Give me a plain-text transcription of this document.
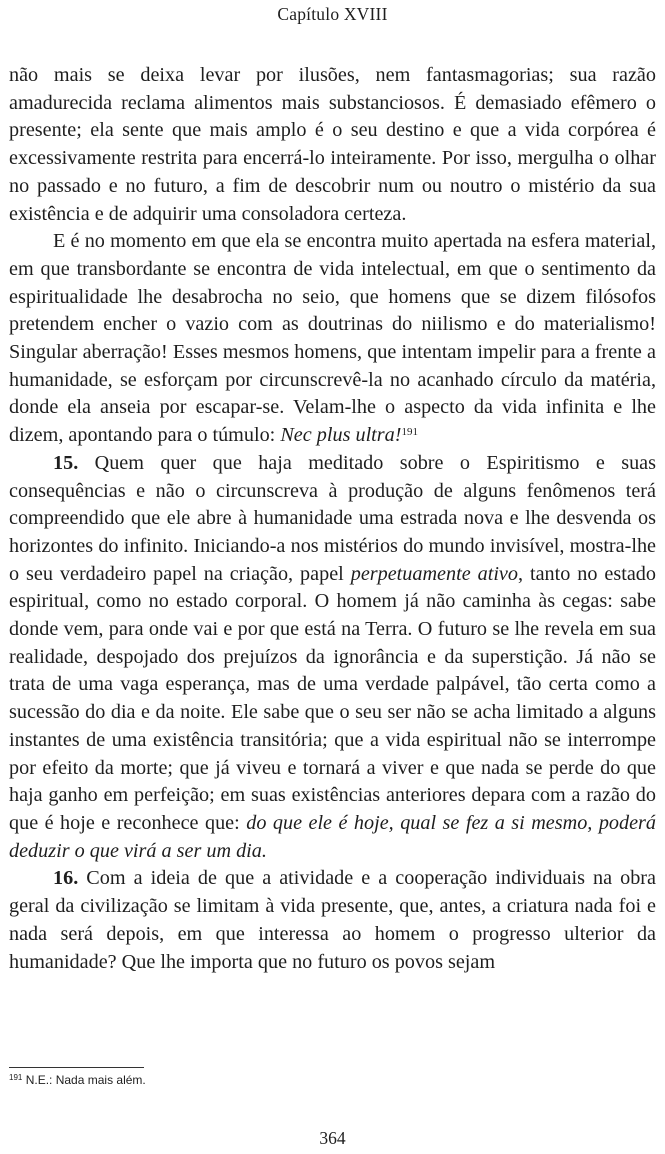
Capítulo XVIII

não mais se deixa levar por ilusões, nem fantasmagorias; sua razão amadurecida reclama alimentos mais substanciosos. É demasiado efêmero o presente; ela sente que mais amplo é o seu destino e que a vida corpórea é excessivamente restrita para encerrá-lo inteiramente. Por isso, mergulha o olhar no passado e no futuro, a fim de descobrir num ou noutro o mistério da sua existência e de adquirir uma consoladora certeza.

E é no momento em que ela se encontra muito apertada na esfera material, em que transbordante se encontra de vida intelectual, em que o sentimento da espiritualidade lhe desabrocha no seio, que homens que se dizem filósofos pretendem encher o vazio com as doutrinas do niilismo e do materialismo! Singular aberração! Esses mesmos homens, que intentam impelir para a frente a humanidade, se esforçam por circunscrevê-la no acanhado círculo da matéria, donde ela anseia por escapar-se. Velam-lhe o aspecto da vida infinita e lhe dizem, apontando para o túmulo: Nec plus ultra!$^{191}$

15. Quem quer que haja meditado sobre o Espiritismo e suas consequências e não o circunscreva à produção de alguns fenômenos terá compreendido que ele abre à humanidade uma estrada nova e lhe desvenda os horizontes do infinito. Iniciando-a nos mistérios do mundo invisível, mostra-lhe o seu verdadeiro papel na criação, papel perpetuamente ativo, tanto no estado espiritual, como no estado corporal. O homem já não caminha às cegas: sabe donde vem, para onde vai e por que está na Terra. O futuro se lhe revela em sua realidade, despojado dos prejuízos da ignorância e da superstição. Já não se trata de uma vaga esperança, mas de uma verdade palpável, tão certa como a sucessão do dia e da noite. Ele sabe que o seu ser não se acha limitado a alguns instantes de uma existência transitória; que a vida espiritual não se interrompe por efeito da morte; que já viveu e tornará a viver e que nada se perde do que haja ganho em perfeição; em suas existências anteriores depara com a razão do que é hoje e reconhece que: do que ele é hoje, qual se fez a si mesmo, poderá deduzir o que virá a ser um dia.

16. Com a ideia de que a atividade e a cooperação individuais na obra geral da civilização se limitam à vida presente, que, antes, a criatura nada foi e nada será depois, em que interessa ao homem o progresso ulterior da humanidade? Que lhe importa que no futuro os povos sejam

$^{191}$ N.E.: Nada mais além.
364
